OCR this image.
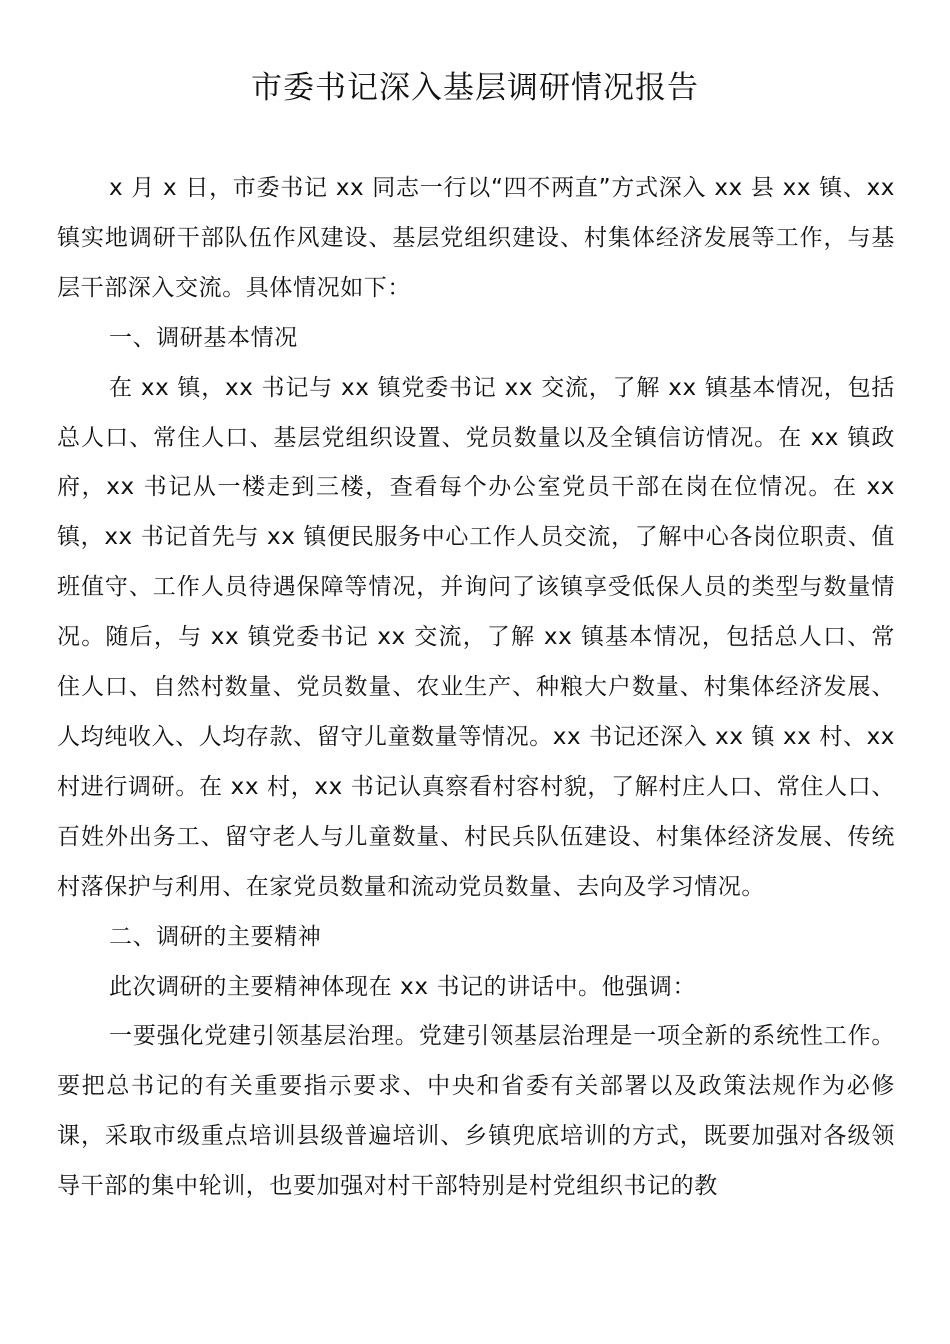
市委书记深入基层调研情况报告

x 月 x 日，市委书记 xx 同志一行以“四不两直”方式深入 xx 县 xx 镇、xx 镇实地调研干部队伍作风建设、基层党组织建设、村集体经济发展等工作，与基层干部深入交流。具体情况如下：

一、调研基本情况

在 xx 镇，xx 书记与 xx 镇党委书记 xx 交流，了解 xx 镇基本情况，包括总人口、常住人口、基层党组织设置、党员数量以及全镇信访情况。在 xx 镇政府，xx 书记从一楼走到三楼，查看每个办公室党员干部在岗在位情况。在 xx 镇，xx 书记首先与 xx 镇便民服务中心工作人员交流，了解中心各岗位职责、值班值守、工作人员待遇保障等情况，并询问了该镇享受低保人员的类型与数量情况。随后，与 xx 镇党委书记 xx 交流，了解 xx 镇基本情况，包括总人口、常住人口、自然村数量、党员数量、农业生产、种粮大户数量、村集体经济发展、人均纯收入、人均存款、留守儿童数量等情况。xx 书记还深入 xx 镇 xx 村、xx 村进行调研。在 xx 村，xx 书记认真察看村容村貌，了解村庄人口、常住人口、百姓外出务工、留守老人与儿童数量、村民兵队伍建设、村集体经济发展、传统村落保护与利用、在家党员数量和流动党员数量、去向及学习情况。

二、调研的主要精神

此次调研的主要精神体现在 xx 书记的讲话中。他强调：

一要强化党建引领基层治理。党建引领基层治理是一项全新的系统性工作。要把总书记的有关重要指示要求、中央和省委有关部署以及政策法规作为必修课，采取市级重点培训县级普遍培训、乡镇兜底培训的方式，既要加强对各级领导干部的集中轮训，也要加强对村干部特别是村党组织书记的教
